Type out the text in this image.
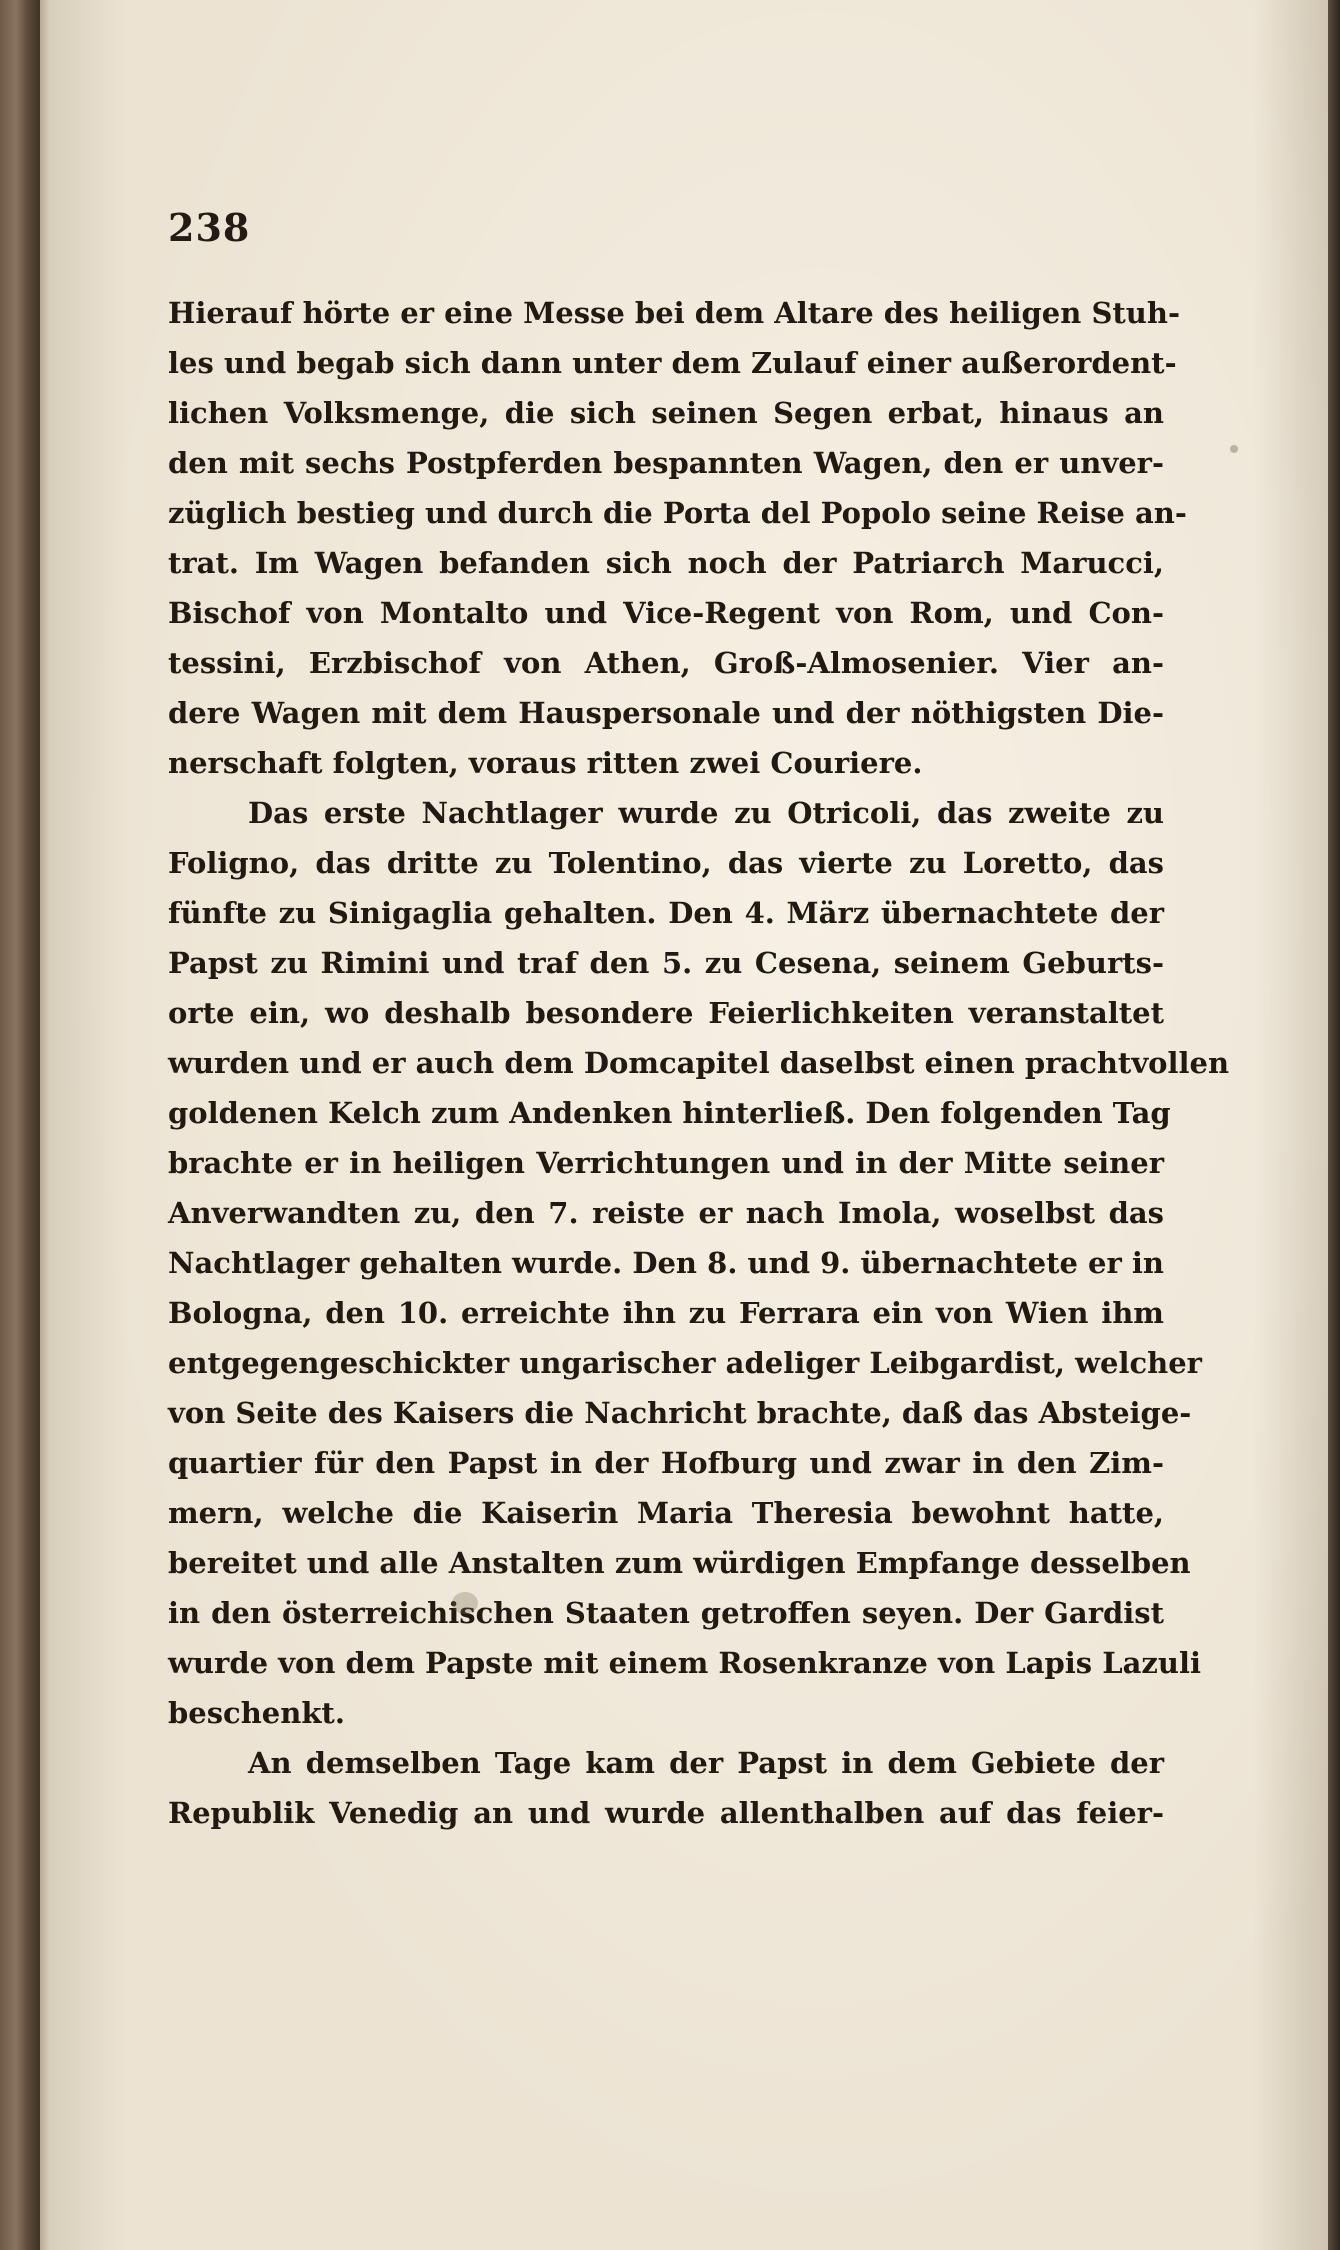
238

Hierauf hörte er eine Messe bei dem Altare des heiligen Stuh-
les und begab sich dann unter dem Zulauf einer außerordent-
lichen Volksmenge, die sich seinen Segen erbat, hinaus an
den mit sechs Postpferden bespannten Wagen, den er unver-
züglich bestieg und durch die Porta del Popolo seine Reise an-
trat. Im Wagen befanden sich noch der Patriarch Marucci,
Bischof von Montalto und Vice-Regent von Rom, und Con-
tessini, Erzbischof von Athen, Groß-Almosenier. Vier an-
dere Wagen mit dem Hauspersonale und der nöthigsten Die-
nerschaft folgten, voraus ritten zwei Couriere.
Das erste Nachtlager wurde zu Otricoli, das zweite zu
Foligno, das dritte zu Tolentino, das vierte zu Loretto, das
fünfte zu Sinigaglia gehalten. Den 4. März übernachtete der
Papst zu Rimini und traf den 5. zu Cesena, seinem Geburts-
orte ein, wo deshalb besondere Feierlichkeiten veranstaltet
wurden und er auch dem Domcapitel daselbst einen prachtvollen
goldenen Kelch zum Andenken hinterließ. Den folgenden Tag
brachte er in heiligen Verrichtungen und in der Mitte seiner
Anverwandten zu, den 7. reiste er nach Imola, woselbst das
Nachtlager gehalten wurde. Den 8. und 9. übernachtete er in
Bologna, den 10. erreichte ihn zu Ferrara ein von Wien ihm
entgegengeschickter ungarischer adeliger Leibgardist, welcher
von Seite des Kaisers die Nachricht brachte, daß das Absteige-
quartier für den Papst in der Hofburg und zwar in den Zim-
mern, welche die Kaiserin Maria Theresia bewohnt hatte,
bereitet und alle Anstalten zum würdigen Empfange desselben
in den österreichischen Staaten getroffen seyen. Der Gardist
wurde von dem Papste mit einem Rosenkranze von Lapis Lazuli
beschenkt.
An demselben Tage kam der Papst in dem Gebiete der
Republik Venedig an und wurde allenthalben auf das feier-
